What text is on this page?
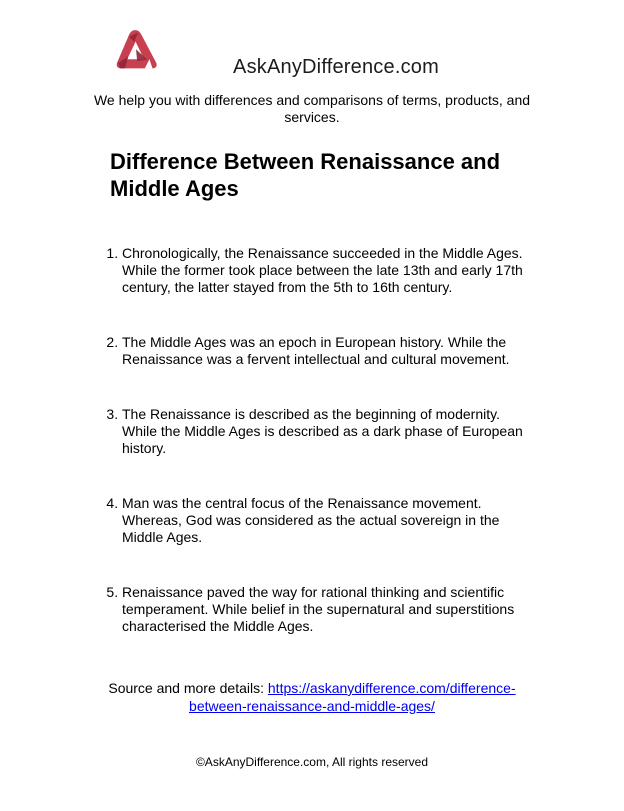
AskAnyDifference.com
We help you with differences and comparisons of terms, products, and services.
Difference Between Renaissance and Middle Ages
1. Chronologically, the Renaissance succeeded in the Middle Ages. While the former took place between the late 13th and early 17th century, the latter stayed from the 5th to 16th century.
2. The Middle Ages was an epoch in European history. While the Renaissance was a fervent intellectual and cultural movement.
3. The Renaissance is described as the beginning of modernity. While the Middle Ages is described as a dark phase of European history.
4. Man was the central focus of the Renaissance movement. Whereas, God was considered as the actual sovereign in the Middle Ages.
5. Renaissance paved the way for rational thinking and scientific temperament. While belief in the supernatural and superstitions characterised the Middle Ages.

Source and more details: https://askanydifference.com/difference-between-renaissance-and-middle-ages/

©AskAnyDifference.com, All rights reserved
